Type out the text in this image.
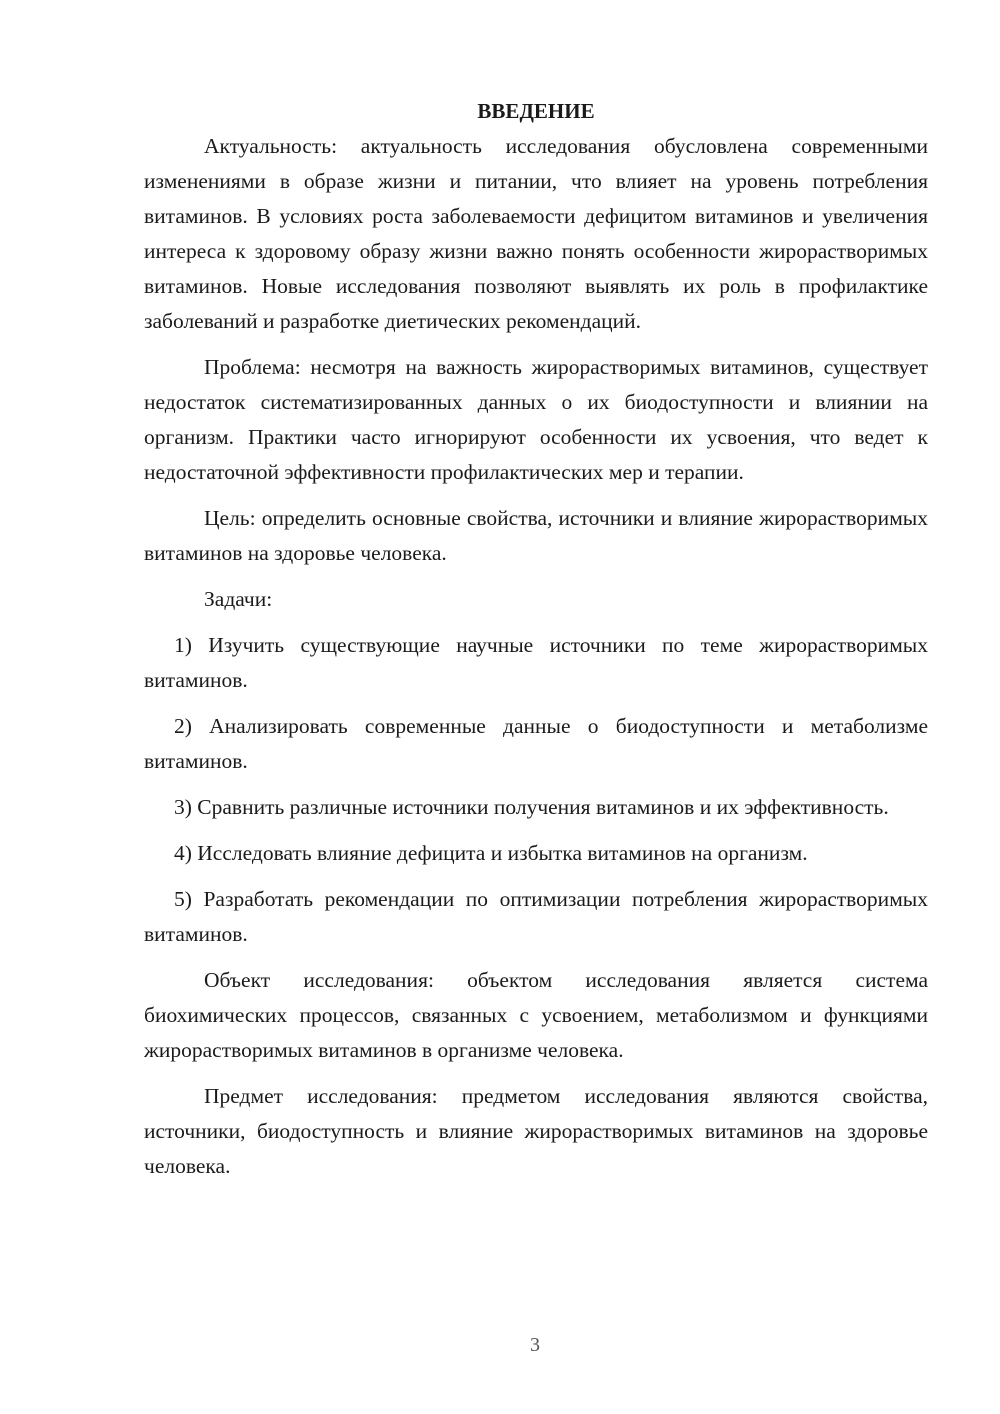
ВВЕДЕНИЕ

Актуальность: актуальность исследования обусловлена современными изменениями в образе жизни и питании, что влияет на уровень потребления витаминов. В условиях роста заболеваемости дефицитом витаминов и увеличения интереса к здоровому образу жизни важно понять особенности жирорастворимых витаминов. Новые исследования позволяют выявлять их роль в профилактике заболеваний и разработке диетических рекомендаций.

Проблема: несмотря на важность жирорастворимых витаминов, существует недостаток систематизированных данных о их биодоступности и влиянии на организм. Практики часто игнорируют особенности их усвоения, что ведет к недостаточной эффективности профилактических мер и терапии.

Цель: определить основные свойства, источники и влияние жирорастворимых витаминов на здоровье человека.

Задачи:

1) Изучить существующие научные источники по теме жирорастворимых витаминов.

2) Анализировать современные данные о биодоступности и метаболизме витаминов.

3) Сравнить различные источники получения витаминов и их эффективность.

4) Исследовать влияние дефицита и избытка витаминов на организм.

5) Разработать рекомендации по оптимизации потребления жирорастворимых витаминов.

Объект исследования: объектом исследования является система биохимических процессов, связанных с усвоением, метаболизмом и функциями жирорастворимых витаминов в организме человека.

Предмет исследования: предметом исследования являются свойства, источники, биодоступность и влияние жирорастворимых витаминов на здоровье человека.

3
